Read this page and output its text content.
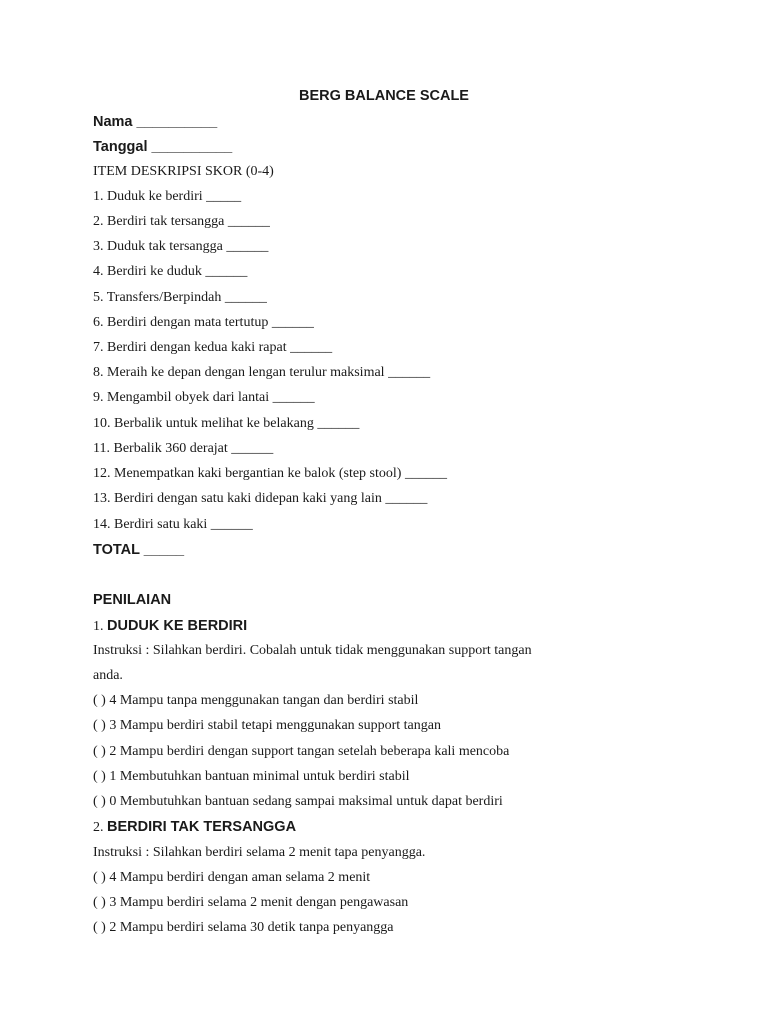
BERG BALANCE SCALE
Nama __________
Tanggal __________
ITEM DESKRIPSI SKOR (0-4)
1. Duduk ke berdiri _____
2. Berdiri tak tersangga ______
3. Duduk tak tersangga ______
4. Berdiri ke duduk ______
5. Transfers/Berpindah ______
6. Berdiri dengan mata tertutup ______
7. Berdiri dengan kedua kaki rapat ______
8. Meraih ke depan dengan lengan terulur maksimal ______
9. Mengambil obyek dari lantai ______
10. Berbalik untuk melihat ke belakang ______
11. Berbalik 360 derajat ______
12. Menempatkan kaki bergantian ke balok (step stool) ______
13. Berdiri dengan satu kaki didepan kaki yang lain ______
14. Berdiri satu kaki ______
TOTAL _____
PENILAIAN
1. DUDUK KE BERDIRI
Instruksi : Silahkan berdiri. Cobalah untuk tidak menggunakan support tangan
anda.
( ) 4 Mampu tanpa menggunakan tangan dan berdiri stabil
( ) 3 Mampu berdiri stabil tetapi menggunakan support tangan
( ) 2 Mampu berdiri dengan support tangan setelah beberapa kali mencoba
( ) 1 Membutuhkan bantuan minimal untuk berdiri stabil
( ) 0 Membutuhkan bantuan sedang sampai maksimal untuk dapat berdiri
2. BERDIRI TAK TERSANGGA
Instruksi : Silahkan berdiri selama 2 menit tapa penyangga.
( ) 4 Mampu berdiri dengan aman selama 2 menit
( ) 3 Mampu berdiri selama 2 menit dengan pengawasan
( ) 2 Mampu berdiri selama 30 detik tanpa penyangga
